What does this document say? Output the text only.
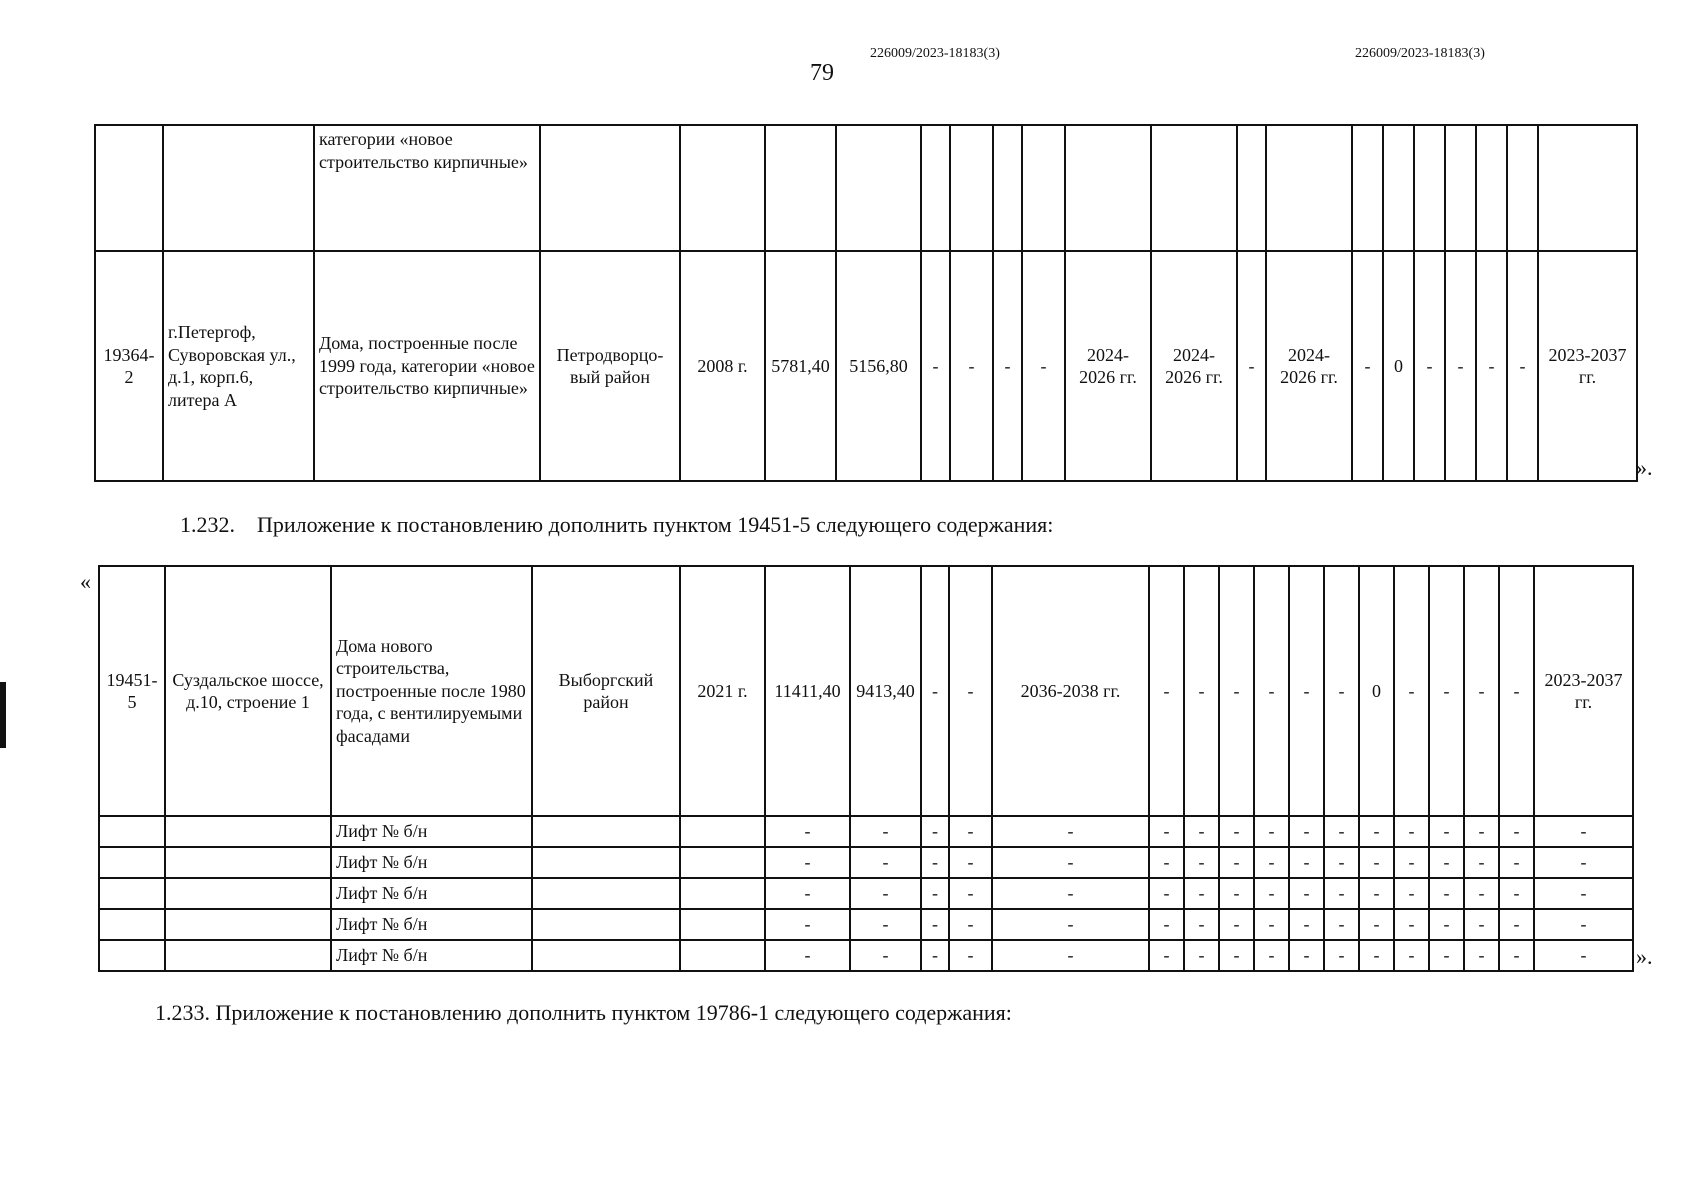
79
226009/2023-18183(3)	226009/2023-18183(3)
		категории «новое строительство кирпичные»																			
19364-2	г.Петергоф, Суворовская ул., д.1, корп.6, литера А	Дома, построенные после 1999 года, категории «новое строительство кирпичные»	Петродворцо-вый район	2008 г.	5781,40	5156,80	-	-	-	-	2024-2026 гг.	2024-2026 гг.	-	2024-2026 гг.	-	0	-	-	-	-	2023-2037 гг.
».
1.232.    Приложение к постановлению дополнить пунктом 19451-5 следующего содержания:
«
19451-5	Суздальское шоссе, д.10, строение 1	Дома нового строительства, построенные после 1980 года, с вентилируемыми фасадами	Выборгский район	2021 г.	11411,40	9413,40	-	-	2036-2038 гг.	-	-	-	-	-	-	0	-	-	-	-	2023-2037 гг.
		Лифт № б/н			-	-	-	-	-	-	-	-	-	-	-	-	-	-	-	-	-
		Лифт № б/н			-	-	-	-	-	-	-	-	-	-	-	-	-	-	-	-	-
		Лифт № б/н			-	-	-	-	-	-	-	-	-	-	-	-	-	-	-	-	-
		Лифт № б/н			-	-	-	-	-	-	-	-	-	-	-	-	-	-	-	-	-
		Лифт № б/н			-	-	-	-	-	-	-	-	-	-	-	-	-	-	-	-	- ».
1.233. Приложение к постановлению дополнить пунктом 19786-1 следующего содержания:
